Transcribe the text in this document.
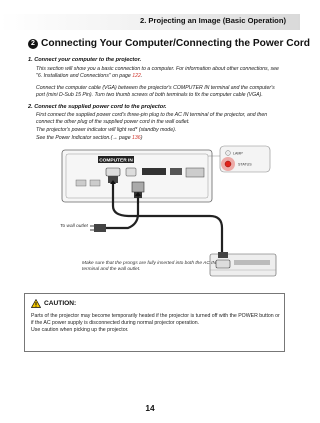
2. Projecting an Image (Basic Operation)
2 Connecting Your Computer/Connecting the Power Cord
1. Connect your computer to the projector.
This section will show you a basic connection to a computer. For information about other connections, see "6. Installation and Connections" on page 122.
Connect the computer cable (VGA) between the projector's COMPUTER IN terminal and the computer's port (mini D-Sub 15 Pin). Turn two thumb screws of both terminals to fix the computer cable (VGA).
2. Connect the supplied power cord to the projector.
First connect the supplied power cord's three-pin plug to the AC IN terminal of the projector, and then connect the other plug of the supplied power cord in the wall outlet.
The projector's power indicator will light red* (standby mode).
See the Power Indicator section.(→ page 136)
COMPUTER IN
LAMP
STATUS
To wall outlet
Make sure that the prongs are fully inserted into both the AC IN terminal and the wall outlet.
CAUTION:
Parts of the projector may become temporarily heated if the projector is turned off with the POWER button or if the AC power supply is disconnected during normal projector operation.
Use caution when picking up the projector.
14
